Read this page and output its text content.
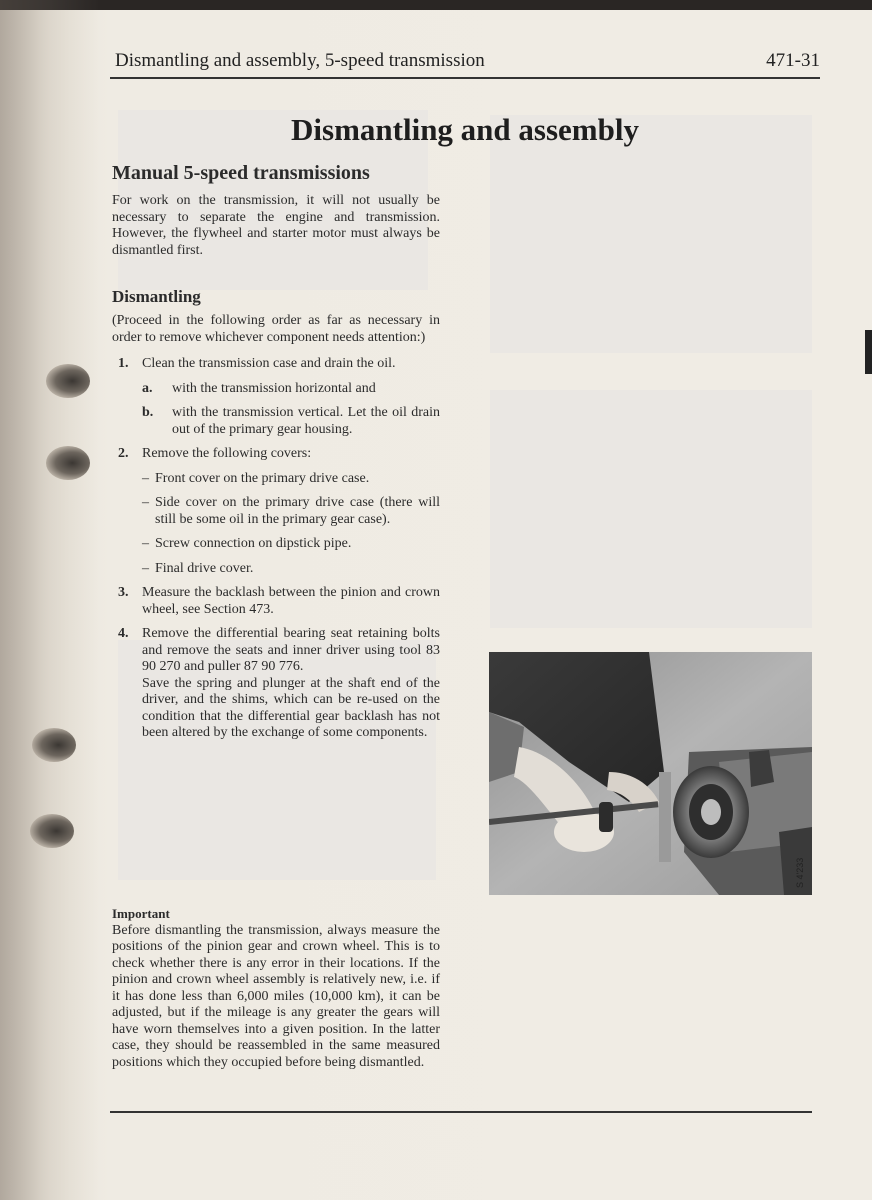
Dismantling and assembly, 5-speed transmission	471-31
Dismantling and assembly
Manual 5-speed transmissions

For work on the transmission, it will not usually be necessary to separate the engine and transmission. However, the flywheel and starter motor must always be dismantled first.

Dismantling

(Proceed in the following order as far as necessary in order to remove whichever component needs attention:)

1. Clean the transmission case and drain the oil.
a. with the transmission horizontal and
b. with the transmission vertical. Let the oil drain out of the primary gear housing.
2. Remove the following covers:
– Front cover on the primary drive case.
– Side cover on the primary drive case (there will still be some oil in the primary gear case).
– Screw connection on dipstick pipe.
– Final drive cover.
3. Measure the backlash between the pinion and crown wheel, see Section 473.
4. Remove the differential bearing seat retaining bolts and remove the seats and inner driver using tool 83 90 270 and puller 87 90 776.

Save the spring and plunger at the shaft end of the driver, and the shims, which can be re-used on the condition that the differential gear backlash has not been altered by the exchange of some components.

Important

Before dismantling the transmission, always measure the positions of the pinion gear and crown wheel. This is to check whether there is any error in their locations. If the pinion and crown wheel assembly is relatively new, i.e. if it has done less than 6,000 miles (10,000 km), it can be adjusted, but if the mileage is any greater the gears will have worn themselves into a given position. In the latter case, they should be reassembled in the same measured positions which they occupied before being dismantled.

S 4'233
